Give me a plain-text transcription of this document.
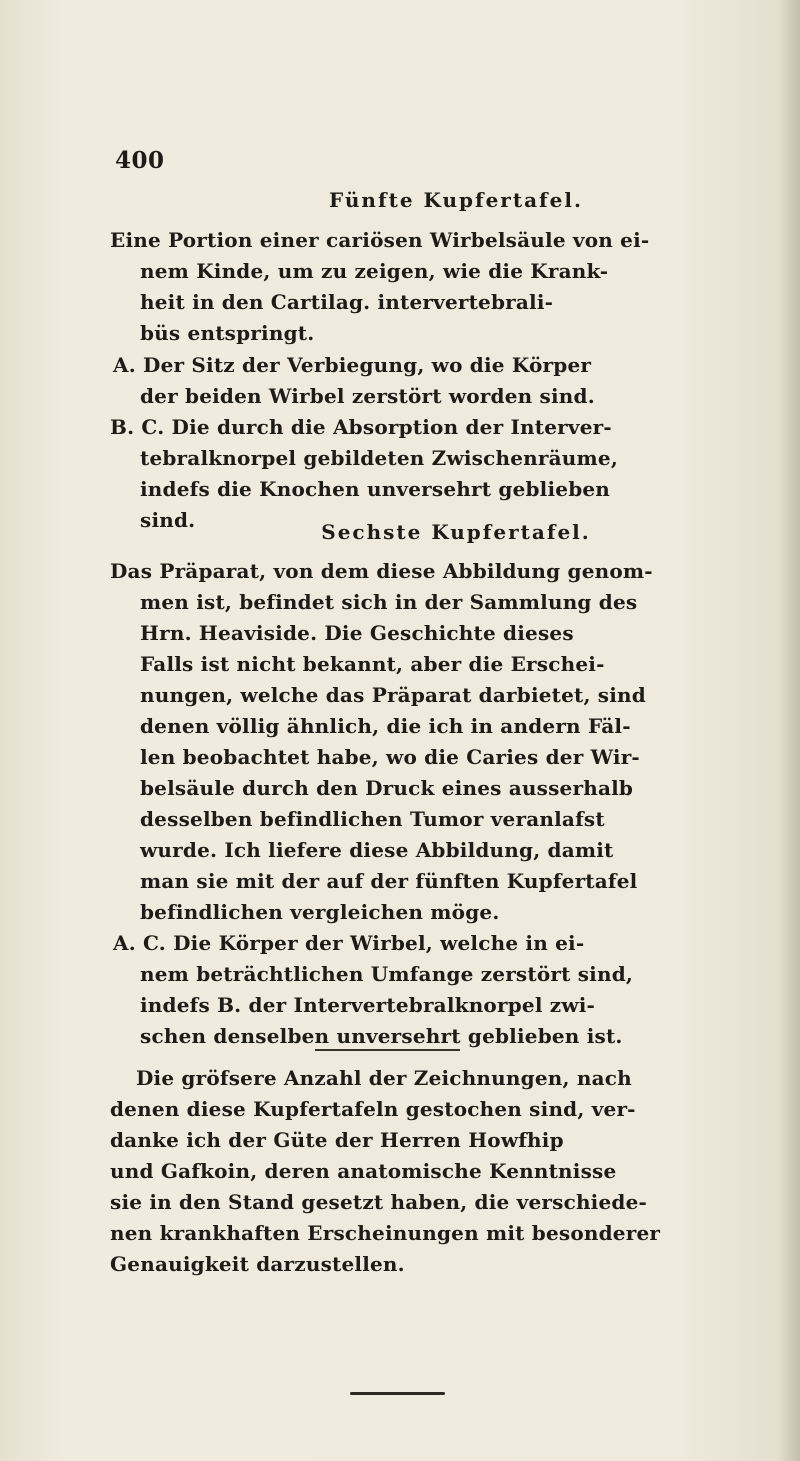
400
Fünfte Kupfertafel.
Eine Portion einer cariösen Wirbelsäule von ei-
nem Kinde, um zu zeigen, wie die Krank-
heit in den Cartilag. intervertebrali-
büs entspringt.
A. Der Sitz der Verbiegung, wo die Körper
der beiden Wirbel zerstört worden sind.
B. C. Die durch die Absorption der Interver-
tebralknorpel gebildeten Zwischenräume,
indefs die Knochen unversehrt geblieben
sind.	Sechste Kupfertafel.
Das Präparat, von dem diese Abbildung genom-
men ist, befindet sich in der Sammlung des
Hrn. Heaviside. Die Geschichte dieses
Falls ist nicht bekannt, aber die Erschei-
nungen, welche das Präparat darbietet, sind
denen völlig ähnlich, die ich in andern Fäl-
len beobachtet habe, wo die Caries der Wir-
belsäule durch den Druck eines ausserhalb
desselben befindlichen Tumor veranlafst
wurde. Ich liefere diese Abbildung, damit
man sie mit der auf der fünften Kupfertafel
befindlichen vergleichen möge.
A. C. Die Körper der Wirbel, welche in ei-
nem beträchtlichen Umfange zerstört sind,
indefs B. der Intervertebralknorpel zwi-
schen denselben unversehrt geblieben ist.
Die gröfsere Anzahl der Zeichnungen, nach
denen diese Kupfertafeln gestochen sind, ver-
danke ich der Güte der Herren Howfhip
und Gafkoin, deren anatomische Kenntnisse
sie in den Stand gesetzt haben, die verschiede-
nen krankhaften Erscheinungen mit besonderer
Genauigkeit darzustellen.
